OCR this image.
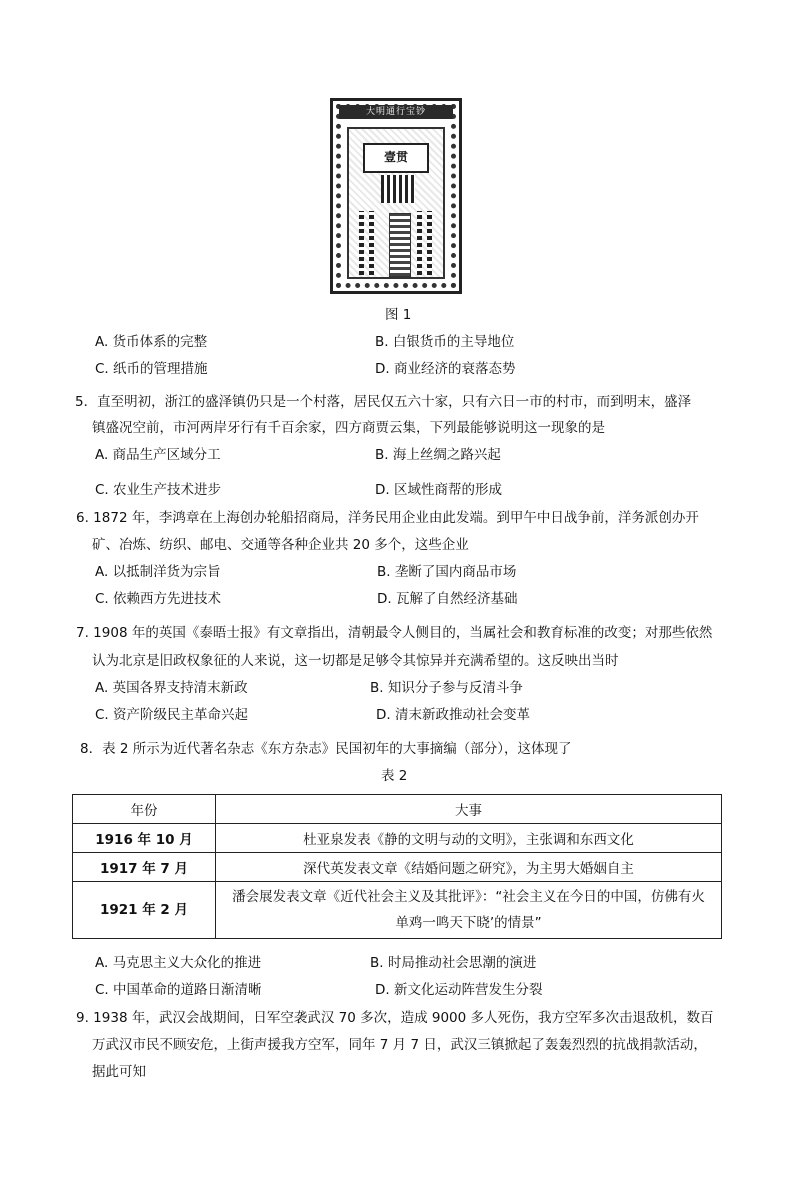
大明通行宝钞
壹贯
图 1
A. 货币体系的完整	B. 白银货币的主导地位
C. 纸币的管理措施	D. 商业经济的衰落态势
5．直至明初，浙江的盛泽镇仍只是一个村落，居民仅五六十家，只有六日一市的村市，而到明末，盛泽
镇盛况空前，市河两岸牙行有千百余家，四方商贾云集，下列最能够说明这一现象的是
A. 商品生产区域分工	B. 海上丝绸之路兴起
C. 农业生产技术进步	D. 区域性商帮的形成
6. 1872 年，李鸿章在上海创办轮船招商局，洋务民用企业由此发端。到甲午中日战争前，洋务派创办开
矿、冶炼、纺织、邮电、交通等各种企业共 20 多个，这些企业
A. 以抵制洋货为宗旨	B. 垄断了国内商品市场
C. 依赖西方先进技术	D. 瓦解了自然经济基础
7. 1908 年的英国《泰晤士报》有文章指出，清朝最令人侧目的，当属社会和教育标准的改变；对那些依然
认为北京是旧政权象征的人来说，这一切都是足够令其惊异并充满希望的。这反映出当时
A. 英国各界支持清末新政	B. 知识分子参与反清斗争
C. 资产阶级民主革命兴起	D. 清末新政推动社会变革
8．表 2 所示为近代著名杂志《东方杂志》民国初年的大事摘编（部分），这体现了
表 2
年份	大事
1916 年 10 月	杜亚泉发表《静的文明与动的文明》，主张调和东西文化
1917 年 7 月	深代英发表文章《结婚问题之研究》，为主男大婚姻自主
1921 年 2 月	潘会展发表文章《近代社会主义及其批评》：“社会主义在今日的中国，仿佛有火
单鸡一鸣天下晓’的情景”
A. 马克思主义大众化的推进	B. 时局推动社会思潮的演进
C. 中国革命的道路日渐清晰	D. 新文化运动阵营发生分裂
9. 1938 年，武汉会战期间，日军空袭武汉 70 多次，造成 9000 多人死伤，我方空军多次击退敌机，数百
万武汉市民不顾安危，上街声援我方空军，同年 7 月 7 日，武汉三镇掀起了轰轰烈烈的抗战捐款活动，
据此可知
